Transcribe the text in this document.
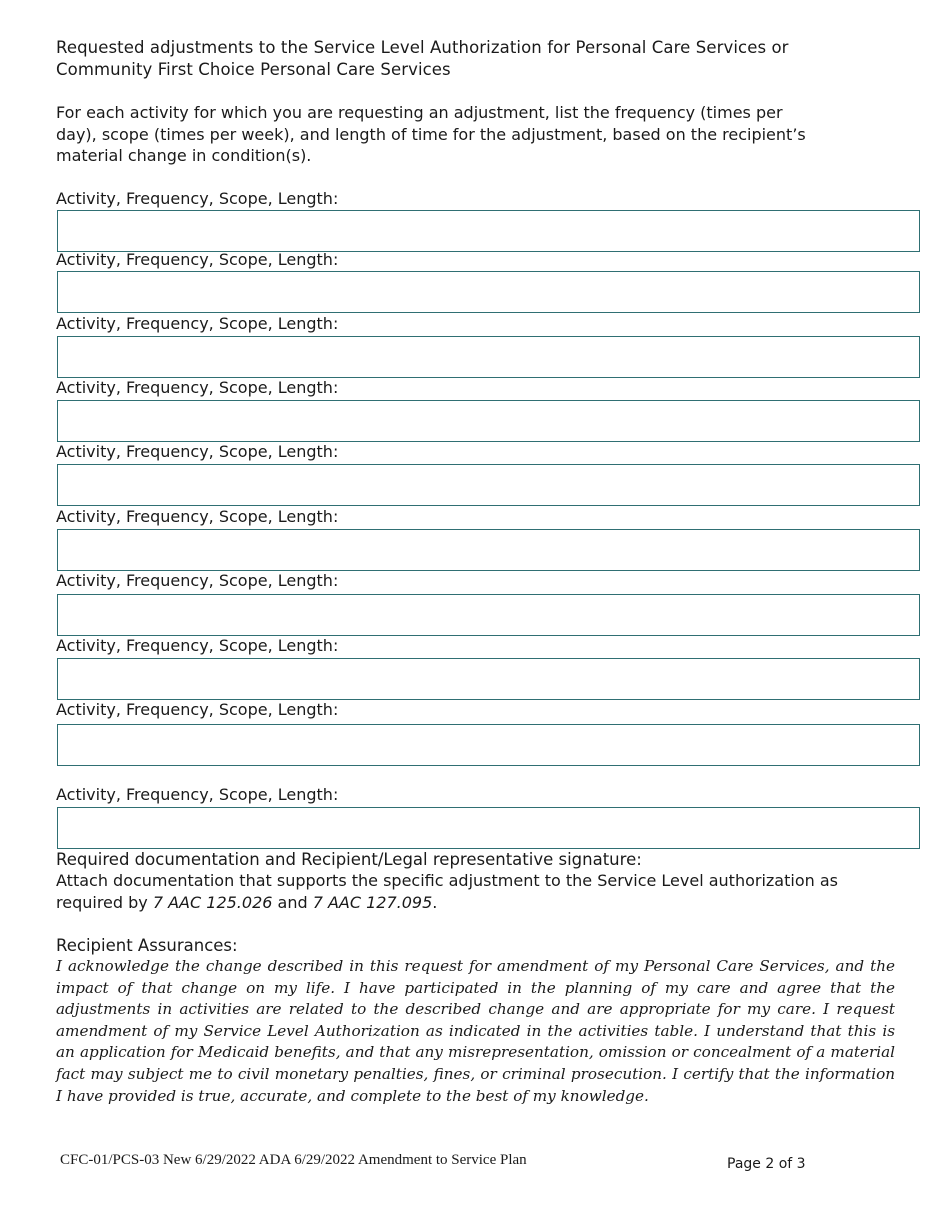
Requested adjustments to the Service Level Authorization for Personal Care Services or
Community First Choice Personal Care Services
For each activity for which you are requesting an adjustment, list the frequency (times per day), scope (times per week), and length of time for the adjustment, based on the recipient’s material change in condition(s).
Activity, Frequency, Scope, Length:
Activity, Frequency, Scope, Length:
Activity, Frequency, Scope, Length:
Activity, Frequency, Scope, Length:
Activity, Frequency, Scope, Length:
Activity, Frequency, Scope, Length:
Activity, Frequency, Scope, Length:
Activity, Frequency, Scope, Length:
Activity, Frequency, Scope, Length:
Activity, Frequency, Scope, Length:
Required documentation and Recipient/Legal representative signature:
Attach documentation that supports the specific adjustment to the Service Level authorization as required by 7 AAC 125.026 and 7 AAC 127.095.
Recipient Assurances:
I acknowledge the change described in this request for amendment of my Personal Care Services, and the impact of that change on my life. I have participated in the planning of my care and agree that the adjustments in activities are related to the described change and are appropriate for my care. I request amendment of my Service Level Authorization as indicated in the activities table. I understand that this is an application for Medicaid benefits, and that any misrepresentation, omission or concealment of a material fact may subject me to civil monetary penalties, fines, or criminal prosecution. I certify that the information I have provided is true, accurate, and complete to the best of my knowledge.
CFC-01/PCS-03 New 6/29/2022 ADA 6/29/2022 Amendment to Service Plan	Page 2 of 3
